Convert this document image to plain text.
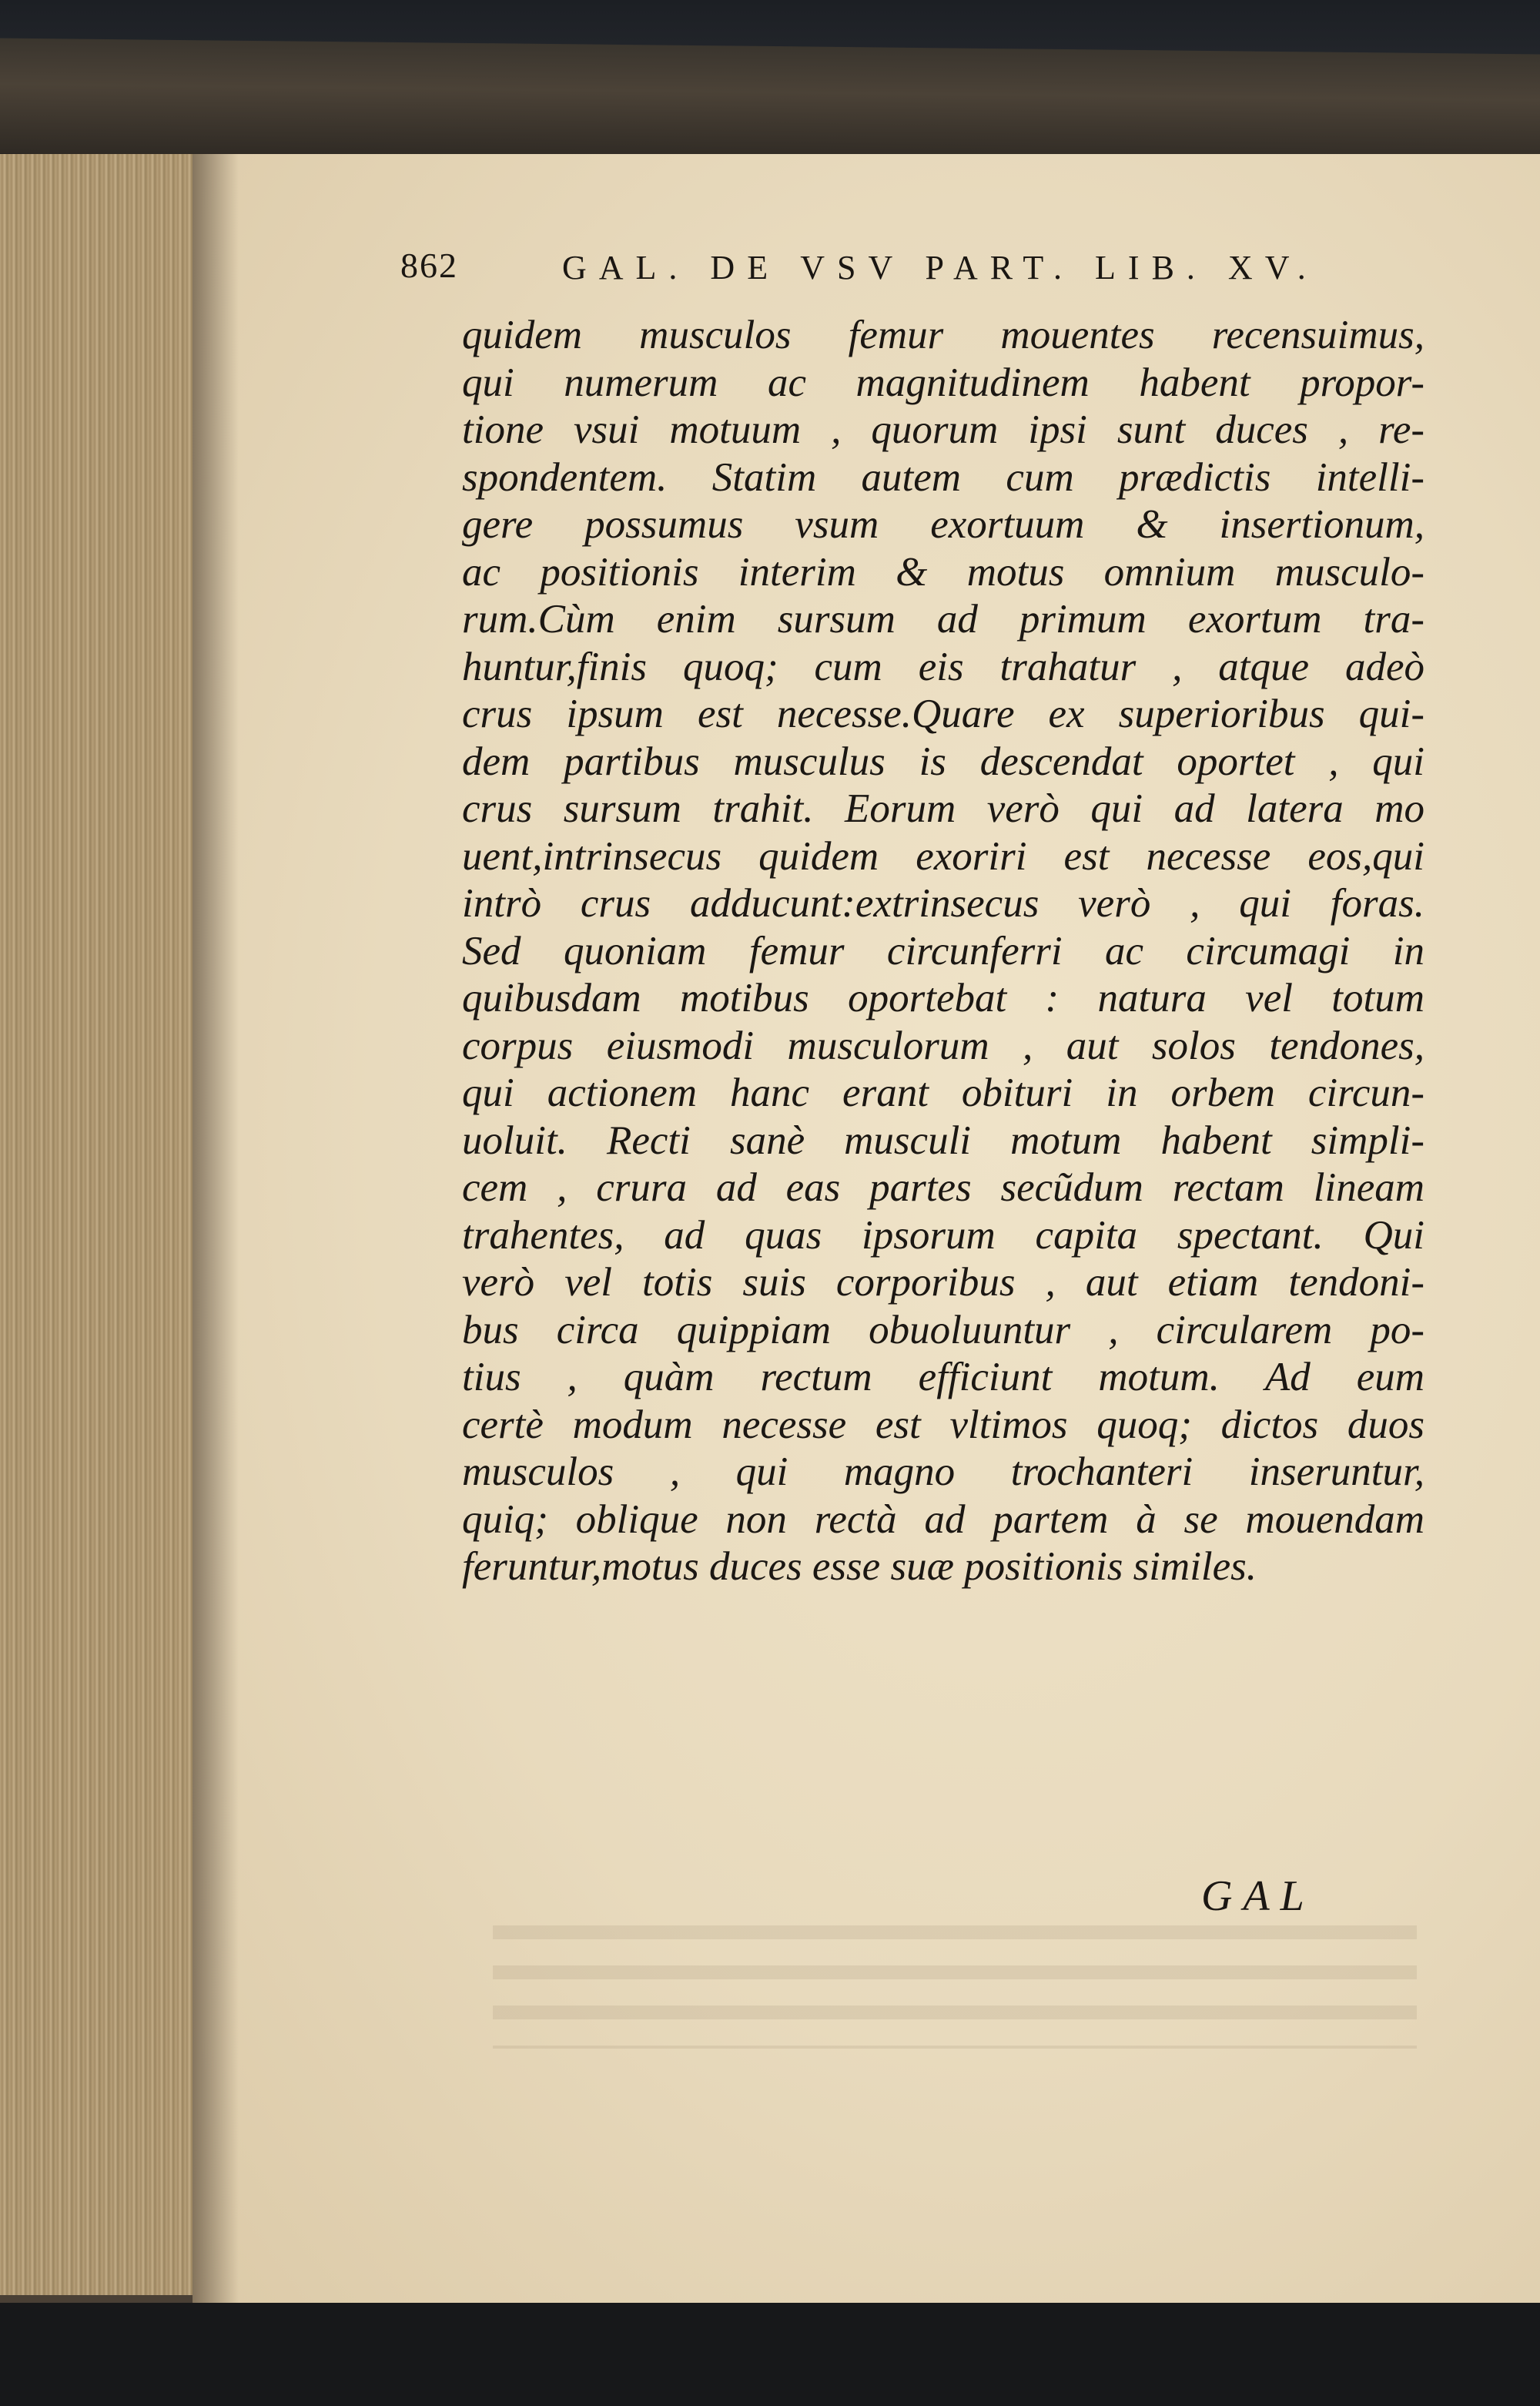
862	GAL. DE VSV PART. LIB. XV.
quidem musculos femur mouentes recensuimus,
qui numerum ac magnitudinem habent propor-
tione vsui motuum , quorum ipsi sunt duces , re-
spondentem. Statim autem cum prædictis intelli-
gere possumus vsum exortuum & insertionum,
ac positionis interim & motus omnium musculo-
rum.Cùm enim sursum ad primum exortum tra-
huntur,finis quoq; cum eis trahatur , atque adeò
crus ipsum est necesse.Quare ex superioribus qui-
dem partibus musculus is descendat oportet , qui
crus sursum trahit. Eorum verò qui ad latera mo
uent,intrinsecus quidem exoriri est necesse eos,qui
intrò crus adducunt:extrinsecus verò , qui foras.
Sed quoniam femur circunferri ac circumagi in
quibusdam motibus oportebat : natura vel totum
corpus eiusmodi musculorum , aut solos tendones,
qui actionem hanc erant obituri in orbem circun-
uoluit. Recti sanè musculi motum habent simpli-
cem , crura ad eas partes secũdum rectam lineam
trahentes, ad quas ipsorum capita spectant. Qui
verò vel totis suis corporibus , aut etiam tendoni-
bus circa quippiam obuoluuntur , circularem po-
tius , quàm rectum efficiunt motum. Ad eum
certè modum necesse est vltimos quoq; dictos duos
musculos , qui magno trochanteri inseruntur,
quiq; oblique non rectà ad partem à se mouendam
feruntur,motus duces esse suæ positionis similes.
GAL
